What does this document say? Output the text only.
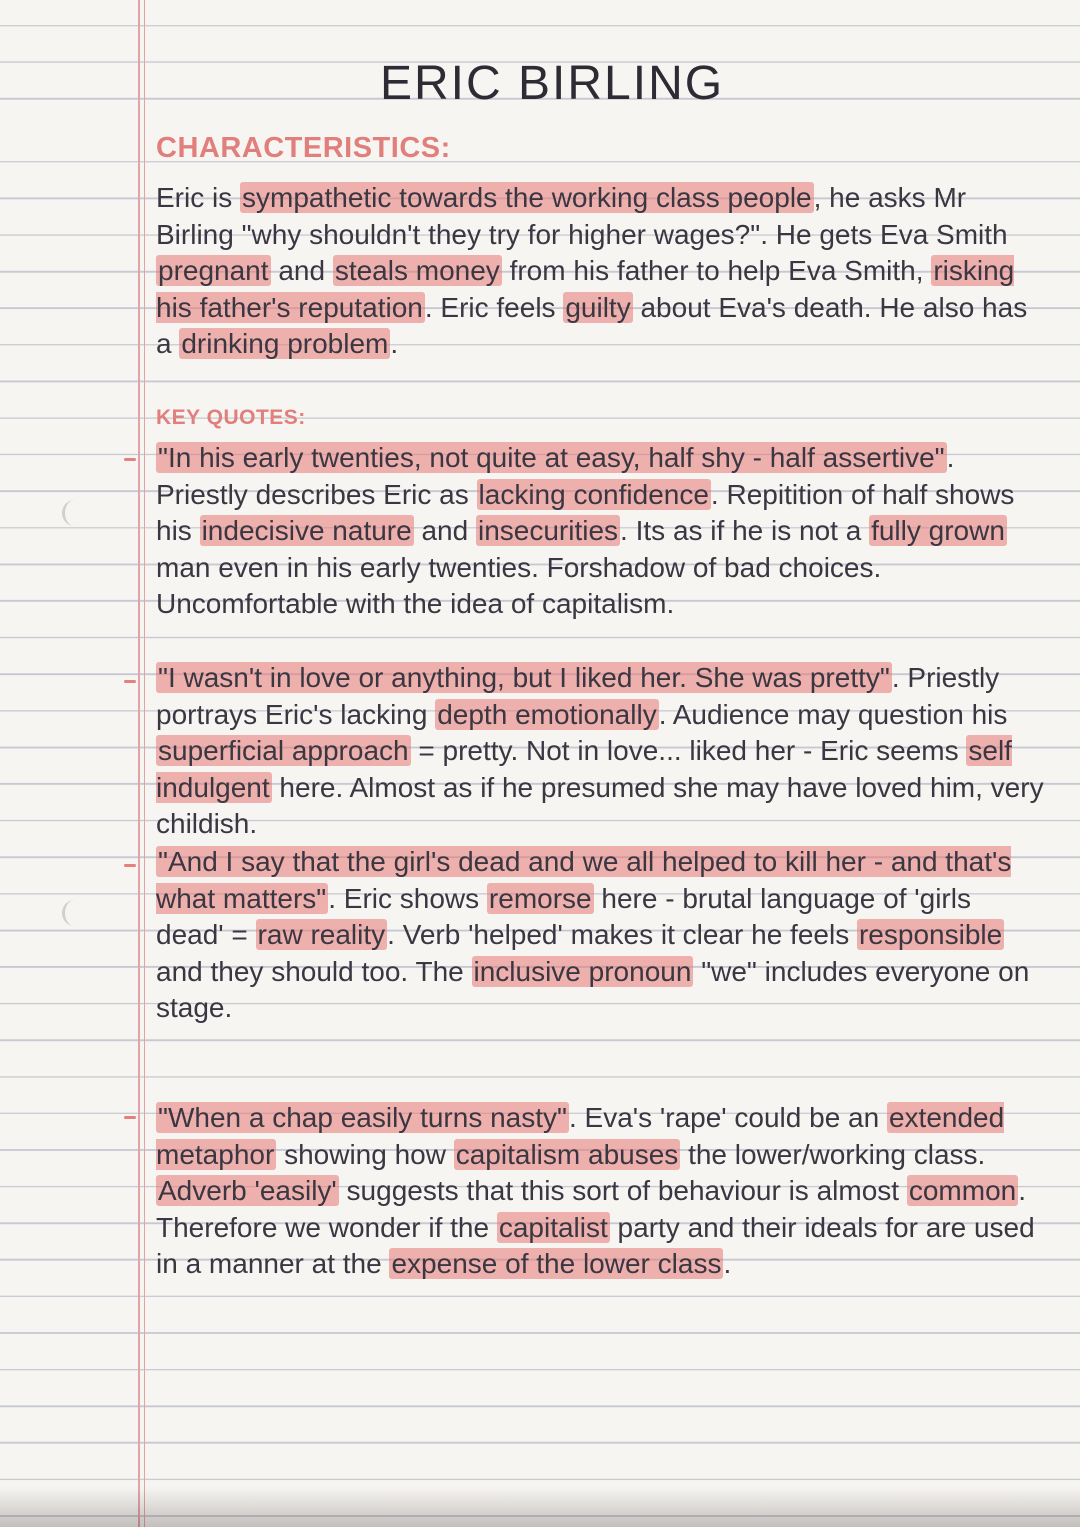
ERIC BIRLING
CHARACTERISTICS:

Eric is sympathetic towards the working class people, he asks Mr Birling "why shouldn't they try for higher wages?". He gets Eva Smith pregnant and steals money from his father to help Eva Smith, risking his father's reputation. Eric feels guilty about Eva's death. He also has a drinking problem.

KEY QUOTES:

"In his early twenties, not quite at easy, half shy - half assertive". Priestly describes Eric as lacking confidence. Repitition of half shows his indecisive nature and insecurities. Its as if he is not a fully grown man even in his early twenties. Forshadow of bad choices. Uncomfortable with the idea of capitalism.

"I wasn't in love or anything, but I liked her. She was pretty". Priestly portrays Eric's lacking depth emotionally. Audience may question his superficial approach = pretty. Not in love... liked her - Eric seems self indulgent here. Almost as if he presumed she may have loved him, very childish.

"And I say that the girl's dead and we all helped to kill her - and that's what matters". Eric shows remorse here - brutal language of 'girls dead' = raw reality. Verb 'helped' makes it clear he feels responsible and they should too. The inclusive pronoun "we" includes everyone on stage.

"When a chap easily turns nasty". Eva's 'rape' could be an extended metaphor showing how capitalism abuses the lower/working class. Adverb 'easily' suggests that this sort of behaviour is almost common. Therefore we wonder if the capitalist party and their ideals for are used in a manner at the expense of the lower class.
